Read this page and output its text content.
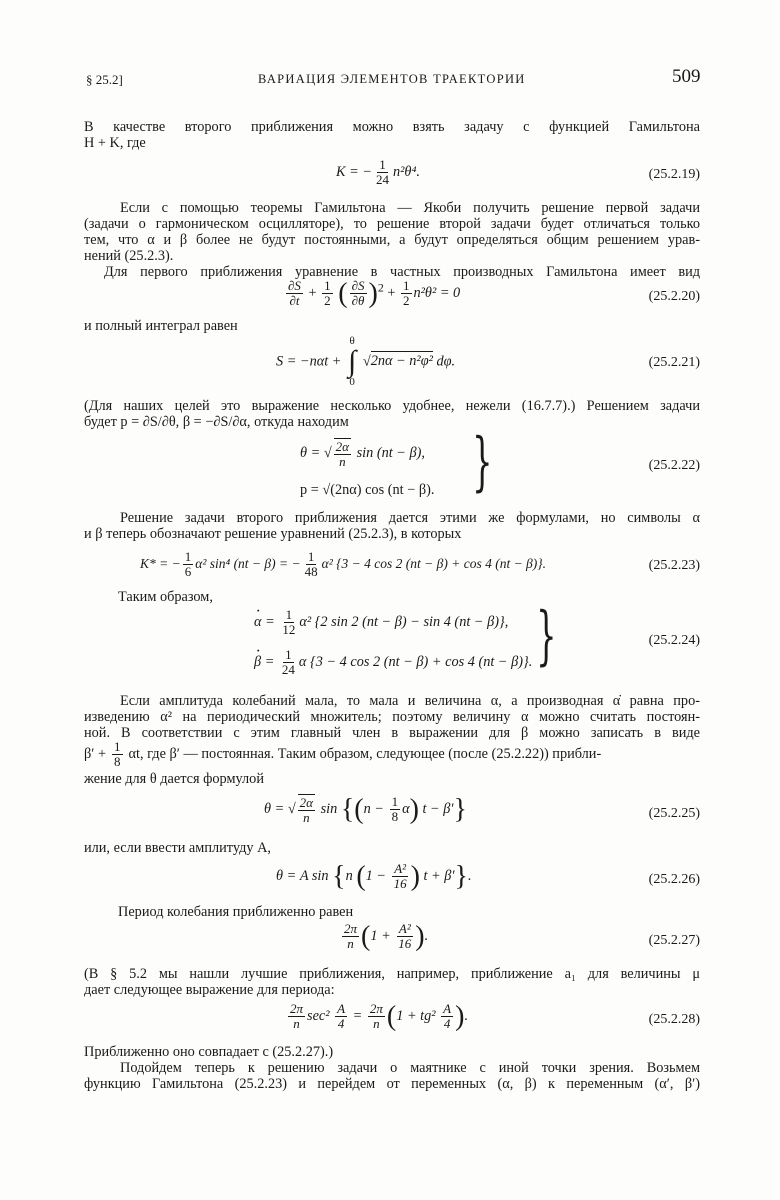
§ 25.2]	ВАРИАЦИЯ ЭЛЕМЕНТОВ ТРАЕКТОРИИ	509
В качестве второго приближения можно взять задачу с функцией Гамильтона
H + K, где
K = − $\frac{1}{24} n^2\theta^4$.	(25.2.19)
Если с помощью теоремы Гамильтона — Якоби получить решение первой задачи
(задачи о гармоническом осцилляторе), то решение второй задачи будет отличаться только
тем, что α и β более не будут постоянными, а будут определяться общим решением урав-
нений (25.2.3).
Для первого приближения уравнение в частных производных Гамильтона имеет вид
$\frac{\partial S}{\partial t} + \frac{1}{2}$ ( $\frac{\partial S}{\partial\theta} )^2 + \frac{1}{2} n^2\theta^2 = 0$	(25.2.20)
и полный интеграл равен
S = −nαt +
θ
∫
0
√2nα − n²φ² dφ.	(25.2.21)
(Для наших целей это выражение несколько удобнее, нежели (16.7.7).) Решением задачи
будет p = ∂S/∂θ, β = −∂S/∂α, откуда находим
θ = √ $\frac{2\alpha}{n}$ sin (nt − β),
p = √(2nα) cos (nt − β). }	(25.2.22)
Решение задачи второго приближения дается этими же формулами, но символы α
и β теперь обозначают решение уравнений (25.2.3), в которых
K* = − $\frac{1}{6} \alpha^2$ sin⁴ (nt − β) = − $\frac{1}{48} \alpha^2$ {3 − 4 cos 2 (nt − β) + cos 4 (nt − β)}.	(25.2.23)
Таким образом,
· $\alpha = \frac{1}{12} \alpha^2$ {2 sin 2 (nt − β) − sin 4 (nt − β)},
· $\beta = \frac{1}{24}$ α {3 − 4 cos 2 (nt − β) + cos 4 (nt − β)}. }	(25.2.24)
Если амплитуда колебаний мала, то мала и величина α, а производная α̇ равна про-
изведению α² на периодический множитель; поэтому величину α можно считать постоян-
ной. В соответствии с этим главный член в выражении для β можно записать в виде
$\beta' + \frac{1}{8} \alpha t$, где β′ — постоянная. Таким образом, следующее (после (25.2.22)) прибли-
жение для θ дается формулой
θ = √ $\frac{2\alpha}{n}$ $\sin \{(n - \frac{1}{8} \alpha)$ t − β′}	(25.2.25)
или, если ввести амплитуду A,
θ = A sin {n ($1 - \frac{\text{A²}}{16}$ ) t + β′}.	(25.2.26)
Период колебания приближенно равен
$\frac{2\pi}{n} (1 + \frac{\text{A²}}{16}$ ).	(25.2.27)
(В § 5.2 мы нашли лучшие приближения, например, приближение a₁ для величины μ
дает следующее выражение для периода:
$\frac{2\pi}{n} \sec^2 \frac{A}{4} = \frac{2\pi}{n} (1 + tg^2 \frac{A}{4}$ ).	(25.2.28)
Приближенно оно совпадает с (25.2.27).)
Подойдем теперь к решению задачи о маятнике с иной точки зрения. Возьмем
функцию Гамильтона (25.2.23) и перейдем от переменных (α, β) к переменным (α′, β′)
